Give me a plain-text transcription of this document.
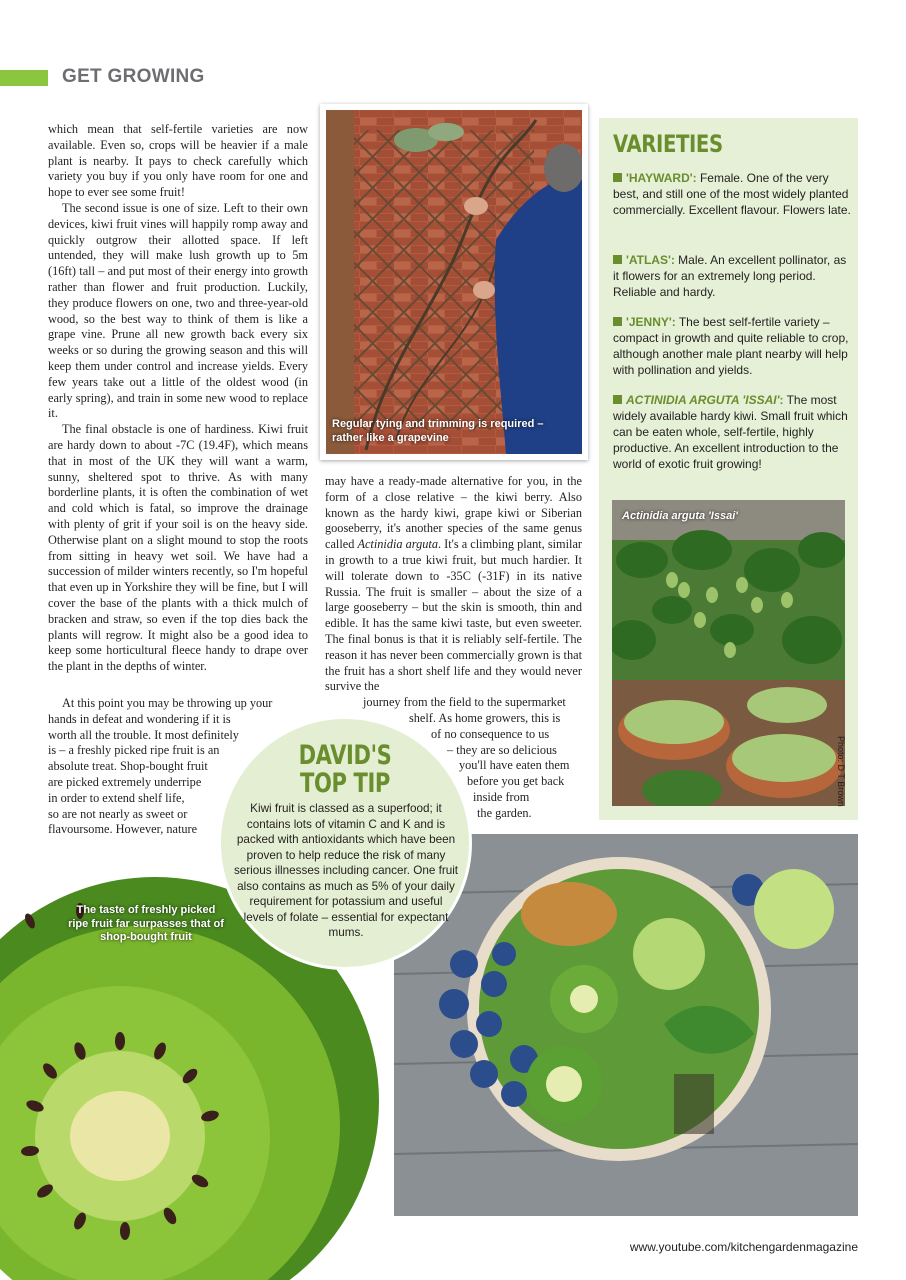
GET GROWING

which mean that self-fertile varieties are now available. Even so, crops will be heavier if a male plant is nearby. It pays to check carefully which variety you buy if you only have room for one and hope to ever see some fruit!

The second issue is one of size. Left to their own devices, kiwi fruit vines will happily romp away and quickly outgrow their allotted space. If left untended, they will make lush growth up to 5m (16ft) tall – and put most of their energy into growth rather than flower and fruit production. Luckily, they produce flowers on one, two and three-year-old wood, so the best way to think of them is like a grape vine. Prune all new growth back every six weeks or so during the growing season and this will keep them under control and increase yields. Every few years take out a little of the oldest wood (in early spring), and train in some new wood to replace it.

The final obstacle is one of hardiness. Kiwi fruit are hardy down to about -7C (19.4F), which means that in most of the UK they will want a warm, sunny, sheltered spot to thrive. As with many borderline plants, it is often the combination of wet and cold which is fatal, so improve the drainage with plenty of grit if your soil is on the heavy side. Otherwise plant on a slight mound to stop the roots from sitting in heavy wet soil. We have had a succession of milder winters recently, so I'm hopeful that even up in Yorkshire they will be fine, but I will cover the base of the plants with a thick mulch of bracken and straw, so even if the top dies back the plants will regrow. It might also be a good idea to keep some horticultural fleece handy to drape over the plant in the depths of winter.

At this point you may be throwing up your
hands in defeat and wondering if it is
worth all the trouble. It most definitely
is – a freshly picked ripe fruit is an
absolute treat. Shop-bought fruit
are picked extremely underripe
in order to extend shelf life,
so are not nearly as sweet or
flavoursome. However, nature

may have a ready-made alternative for you, in the form of a close relative – the kiwi berry. Also known as the hardy kiwi, grape kiwi or Siberian gooseberry, it's another species of the same genus called Actinidia arguta. It's a climbing plant, similar in growth to a true kiwi fruit, but much hardier. It will tolerate down to -35C (-31F) in its native Russia. The fruit is smaller – about the size of a large gooseberry – but the skin is smooth, thin and edible. It has the same kiwi taste, but even sweeter. The final bonus is that it is reliably self-fertile. The reason it has never been commercially grown is that the fruit has a short shelf life and they would never survive the

journey from the field to the supermarket
shelf. As home growers, this is
of no consequence to us
– they are so delicious
you'll have eaten them
before you get back
inside from
the garden.
Regular tying and trimming is required – rather like a grapevine
VARIETIES
'HAYWARD': Female. One of the very best, and still one of the most widely planted commercially. Excellent flavour. Flowers late.
'ATLAS': Male. An excellent pollinator, as it flowers for an extremely long period. Reliable and hardy.
'JENNY': The best self-fertile variety – compact in growth and quite reliable to crop, although another male plant nearby will help with pollination and yields.
ACTINIDIA ARGUTA 'ISSAI': The most widely available hardy kiwi. Small fruit which can be eaten whole, self-fertile, highly productive. An excellent introduction to the world of exotic fruit growing!
Actinidia arguta 'Issai'
The taste of freshly picked ripe fruit far surpasses that of shop-bought fruit
DAVID'S
TOP TIP
Kiwi fruit is classed as a superfood; it contains lots of vitamin C and K and is packed with antioxidants which have been proven to help reduce the risk of many serious illnesses including cancer. One fruit also contains as much as 5% of your daily requirement for potassium and useful levels of folate – essential for expectant mums.
Photo: D T Brown
www.youtube.com/kitchengardenmagazine
